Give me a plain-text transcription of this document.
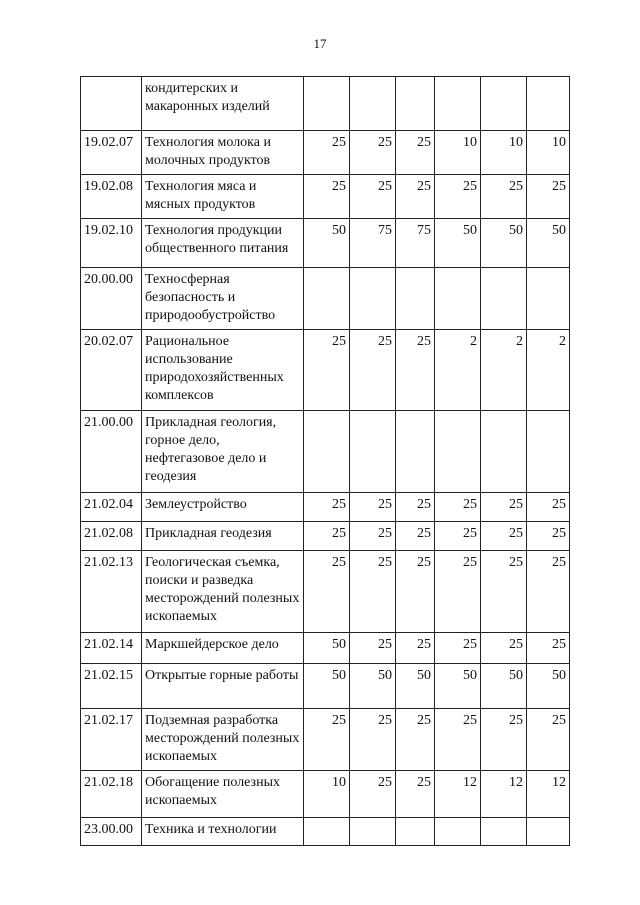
17
	кондитерских и макаронных изделий						
19.02.07	Технология молока и молочных продуктов	25	25	25	10	10	10
19.02.08	Технология мяса и мясных продуктов	25	25	25	25	25	25
19.02.10	Технология продукции общественного питания	50	75	75	50	50	50
20.00.00	Техносферная безопасность и природообустройство						
20.02.07	Рациональное использование природохозяйственных комплексов	25	25	25	2	2	2
21.00.00	Прикладная геология, горное дело, нефтегазовое дело и геодезия						
21.02.04	Землеустройство	25	25	25	25	25	25
21.02.08	Прикладная геодезия	25	25	25	25	25	25
21.02.13	Геологическая съемка, поиски и разведка месторождений полезных ископаемых	25	25	25	25	25	25
21.02.14	Маркшейдерское дело	50	25	25	25	25	25
21.02.15	Открытые горные работы	50	50	50	50	50	50
21.02.17	Подземная разработка месторождений полезных ископаемых	25	25	25	25	25	25
21.02.18	Обогащение полезных ископаемых	10	25	25	12	12	12
23.00.00	Техника и технологии						
